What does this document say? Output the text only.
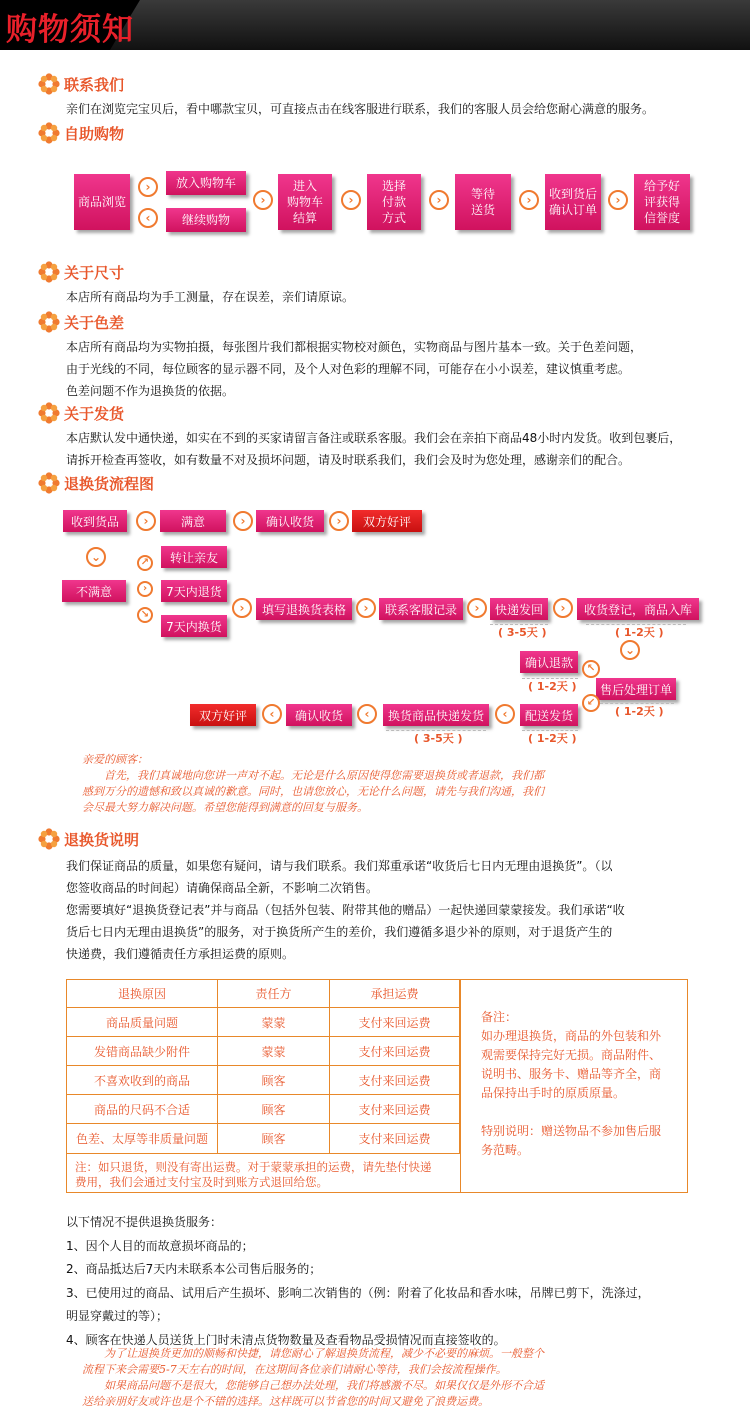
购物须知
联系我们
亲们在浏览完宝贝后，看中哪款宝贝，可直接点击在线客服进行联系，我们的客服人员会给您耐心满意的服务。
自助购物
商品浏览
›
‹
放入购物车
继续购物
›
进入
购物车
结算
›
选择
付款
方式
›	等待
送货
›	收到货后
确认订单
›
给予好
评获得
信誉度
关于尺寸
本店所有商品均为手工测量，存在误差，亲们请原谅。
关于色差
本店所有商品均为实物拍摄，每张图片我们都根据实物校对颜色，实物商品与图片基本一致。关于色差问题，
由于光线的不同，每位顾客的显示器不同，及个人对色彩的理解不同，可能存在小小误差，建议慎重考虑。
色差问题不作为退换货的依据。
关于发货
本店默认发中通快递，如实在不到的买家请留言备注或联系客服。我们会在亲拍下商品48小时内发货。收到包裹后，
请拆开检查再签收，如有数量不对及损坏问题，请及时联系我们，我们会及时为您处理，感谢亲们的配合。
退换货流程图
收到货品	›	满意	›	确认收货	›	双方好评
⌄
不满意
↗
›
↘
转让亲友
7天内退货
7天内换货
›	填写退换货表格	›	联系客服记录	›	快递发回
( 3-5天 )
›	收货登记，商品入库
( 1-2天 )
⌄
确认退款
( 1-2天 )
↖
售后处理订单
( 1-2天 )
↙
配送发货
( 1-2天 )
‹
换货商品快递发货
( 3-5天 )
‹
确认收货
‹
双方好评
亲爱的顾客：
　　首先，我们真诚地向您讲一声对不起。无论是什么原因使得您需要退换货或者退款，我们都
感到万分的遗憾和致以真诚的歉意。同时，也请您放心，无论什么问题，请先与我们沟通，我们
会尽最大努力解决问题。希望您能得到满意的回复与服务。
退换货说明
我们保证商品的质量，如果您有疑问，请与我们联系。我们郑重承诺“收货后七日内无理由退换货”。（以
您签收商品的时间起）请确保商品全新，不影响二次销售。
您需要填好“退换货登记表”并与商品（包括外包装、附带其他的赠品）一起快递回蒙蒙接发。我们承诺“收
货后七日内无理由退换货”的服务，对于换货所产生的差价，我们遵循多退少补的原则，对于退货产生的
快递费，我们遵循责任方承担运费的原则。
退换原因	责任方	承担运费
商品质量问题	蒙蒙	支付来回运费
发错商品缺少附件	蒙蒙	支付来回运费
不喜欢收到的商品	顾客	支付来回运费
商品的尺码不合适	顾客	支付来回运费
色差、太厚等非质量问题	顾客	支付来回运费
注：如只退货，则没有寄出运费。对于蒙蒙承担的运费，请先垫付快递
费用，我们会通过支付宝及时到账方式退回给您。
备注：
如办理退换货，商品的外包装和外
观需要保持完好无损。商品附件、
说明书、服务卡、赠品等齐全，商
品保持出手时的原质原量。
特别说明：赠送物品不参加售后服
务范畴。
以下情况不提供退换货服务：
1、因个人目的而故意损坏商品的；
2、商品抵达后7天内未联系本公司售后服务的；
3、已使用过的商品、试用后产生损坏、影响二次销售的（例：附着了化妆品和香水味，吊牌已剪下，洗涤过，
明显穿戴过的等）；
4、顾客在快递人员送货上门时未清点货物数量及查看物品受损情况而直接签收的。
　　为了让退换货更加的顺畅和快捷，请您耐心了解退换货流程，减少不必要的麻烦。一般整个
流程下来会需要5-7天左右的时间，在这期间各位亲们请耐心等待，我们会按流程操作。
　　如果商品问题不是很大，您能够自己想办法处理，我们将感激不尽。如果仅仅是外形不合适
送给亲朋好友或许也是个不错的选择。这样既可以节省您的时间又避免了浪费运费。
